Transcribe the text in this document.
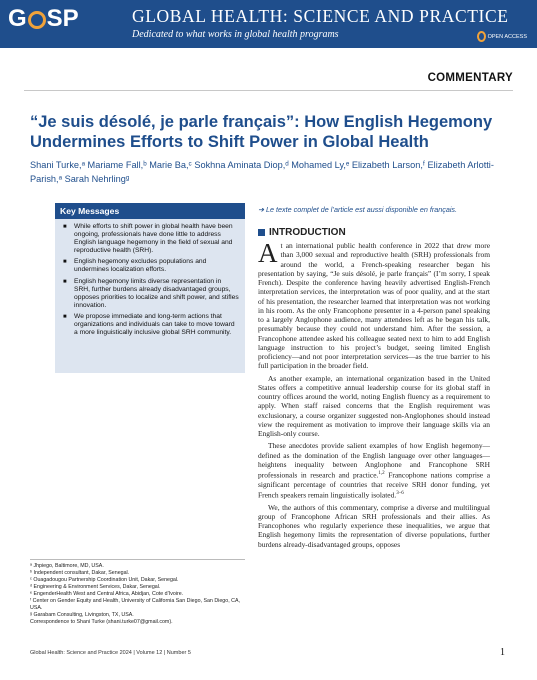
G SP	GLOBAL HEALTH: SCIENCE AND PRACTICE
Dedicated to what works in global health programs	OPEN ACCESS
COMMENTARY
“Je suis désolé, je parle français”: How English Hegemony Undermines Efforts to Shift Power in Global Health
Shani Turke,ᵃ Mariame Fall,ᵇ Marie Ba,ᶜ Sokhna Aminata Diop,ᵈ Mohamed Ly,ᵉ Elizabeth Larson,ᶠ Elizabeth Arlotti-Parish,ᵃ Sarah Nehrlingᵍ
Key Messages
■ While efforts to shift power in global health have been ongoing, professionals have done little to address English language hegemony in the field of sexual and reproductive health (SRH).
■ English hegemony excludes populations and undermines localization efforts.
■ English hegemony limits diverse representation in SRH, further burdens already disadvantaged groups, opposes priorities to localize and shift power, and stifles innovation.
■ We propose immediate and long-term actions that organizations and individuals can take to move toward a more linguistically inclusive global SRH community.
➔ Le texte complet de l’article est aussi disponible en français.
INTRODUCTION

At an international public health conference in 2022 that drew more than 3,000 sexual and reproductive health (SRH) professionals from around the world, a French-speaking researcher began his presentation by saying, “Je suis désolé, je parle français” (I’m sorry, I speak French). Despite the conference having heavily advertised English-French interpretation services, the interpretation was of poor quality, and at the start of his presentation, the researcher learned that interpretation was not working in his room. As the only Francophone presenter in a 4-person panel speaking to a largely Anglophone audience, many attendees left as he began his talk, presumably because they could not understand him. After the session, a Francophone attendee asked his colleague seated next to him to add English language instruction to his project’s budget, seeing limited English proficiency—and not poor interpretation services—as the true barrier to his full participation in the broader field.

As another example, an international organization based in the United States offers a competitive annual leadership course for its global staff in country offices around the world, noting English fluency as a requirement to apply. When staff raised concerns that the English requirement was exclusionary, a course organizer suggested non-Anglophones should instead view the requirement as motivation to improve their language skills via an English-only course.

These anecdotes provide salient examples of how English hegemony—defined as the domination of the English language over other languages—heightens inequality between Anglophone and Francophone SRH professionals in research and practice.$^{1,2}$ Francophone nations comprise a significant percentage of countries that receive SRH donor funding, yet French speakers remain linguistically isolated.$^{3-6}$

We, the authors of this commentary, comprise a diverse and multilingual group of Francophone African SRH professionals and their allies. As Francophones who regularly experience these inequalities, we argue that English hegemony limits the representation of diverse populations, further burdens already-disadvantaged groups, opposes

ᵃ Jhpiego, Baltimore, MD, USA.
ᵇ Independent consultant, Dakar, Senegal.
ᶜ Ouagadougou Partnership Coordination Unit, Dakar, Senegal.
ᵈ Engineering & Environment Services, Dakar, Senegal.
ᵉ EngenderHealth West and Central Africa, Abidjan, Cote d’Ivoire.
ᶠ Center on Gender Equity and Health, University of California San Diego, San Diego, CA, USA.
ᵍ Garabam Consulting, Livingston, TX, USA.
Correspondence to Shani Turke (shani.turke07@gmail.com).
Global Health: Science and Practice 2024 | Volume 12 | Number 5	1
